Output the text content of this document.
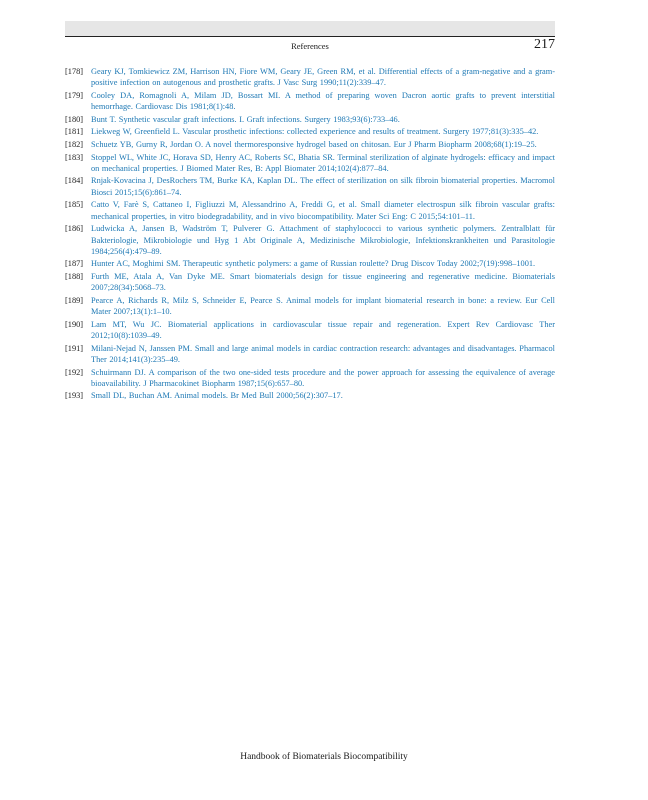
References	217
[178] Geary KJ, Tomkiewicz ZM, Harrison HN, Fiore WM, Geary JE, Green RM, et al. Differential effects of a gram-negative and a gram-positive infection on autogenous and prosthetic grafts. J Vasc Surg 1990;11(2):339–47.
[179] Cooley DA, Romagnoli A, Milam JD, Bossart MI. A method of preparing woven Dacron aortic grafts to prevent interstitial hemorrhage. Cardiovasc Dis 1981;8(1):48.
[180] Bunt T. Synthetic vascular graft infections. I. Graft infections. Surgery 1983;93(6):733–46.
[181] Liekweg W, Greenfield L. Vascular prosthetic infections: collected experience and results of treatment. Surgery 1977;81(3):335–42.
[182] Schuetz YB, Gurny R, Jordan O. A novel thermoresponsive hydrogel based on chitosan. Eur J Pharm Biopharm 2008;68(1):19–25.
[183] Stoppel WL, White JC, Horava SD, Henry AC, Roberts SC, Bhatia SR. Terminal sterilization of alginate hydrogels: efficacy and impact on mechanical properties. J Biomed Mater Res, B: Appl Biomater 2014;102(4):877–84.
[184] Rnjak-Kovacina J, DesRochers TM, Burke KA, Kaplan DL. The effect of sterilization on silk fibroin biomaterial properties. Macromol Biosci 2015;15(6):861–74.
[185] Catto V, Farè S, Cattaneo I, Figliuzzi M, Alessandrino A, Freddi G, et al. Small diameter electrospun silk fibroin vascular grafts: mechanical properties, in vitro biodegradability, and in vivo biocompatibility. Mater Sci Eng: C 2015;54:101–11.
[186] Ludwicka A, Jansen B, Wadström T, Pulverer G. Attachment of staphylococci to various synthetic polymers. Zentralblatt für Bakteriologie, Mikrobiologie und Hyg 1 Abt Originale A, Medizinische Mikrobiologie, Infektionskrankheiten und Parasitologie 1984;256(4):479–89.
[187] Hunter AC, Moghimi SM. Therapeutic synthetic polymers: a game of Russian roulette? Drug Discov Today 2002;7(19):998–1001.
[188] Furth ME, Atala A, Van Dyke ME. Smart biomaterials design for tissue engineering and regenerative medicine. Biomaterials 2007;28(34):5068–73.
[189] Pearce A, Richards R, Milz S, Schneider E, Pearce S. Animal models for implant biomaterial research in bone: a review. Eur Cell Mater 2007;13(1):1–10.
[190] Lam MT, Wu JC. Biomaterial applications in cardiovascular tissue repair and regeneration. Expert Rev Cardiovasc Ther 2012;10(8):1039–49.
[191] Milani-Nejad N, Janssen PM. Small and large animal models in cardiac contraction research: advantages and disadvantages. Pharmacol Ther 2014;141(3):235–49.
[192] Schuirmann DJ. A comparison of the two one-sided tests procedure and the power approach for assessing the equivalence of average bioavailability. J Pharmacokinet Biopharm 1987;15(6):657–80.
[193] Small DL, Buchan AM. Animal models. Br Med Bull 2000;56(2):307–17.
Handbook of Biomaterials Biocompatibility
